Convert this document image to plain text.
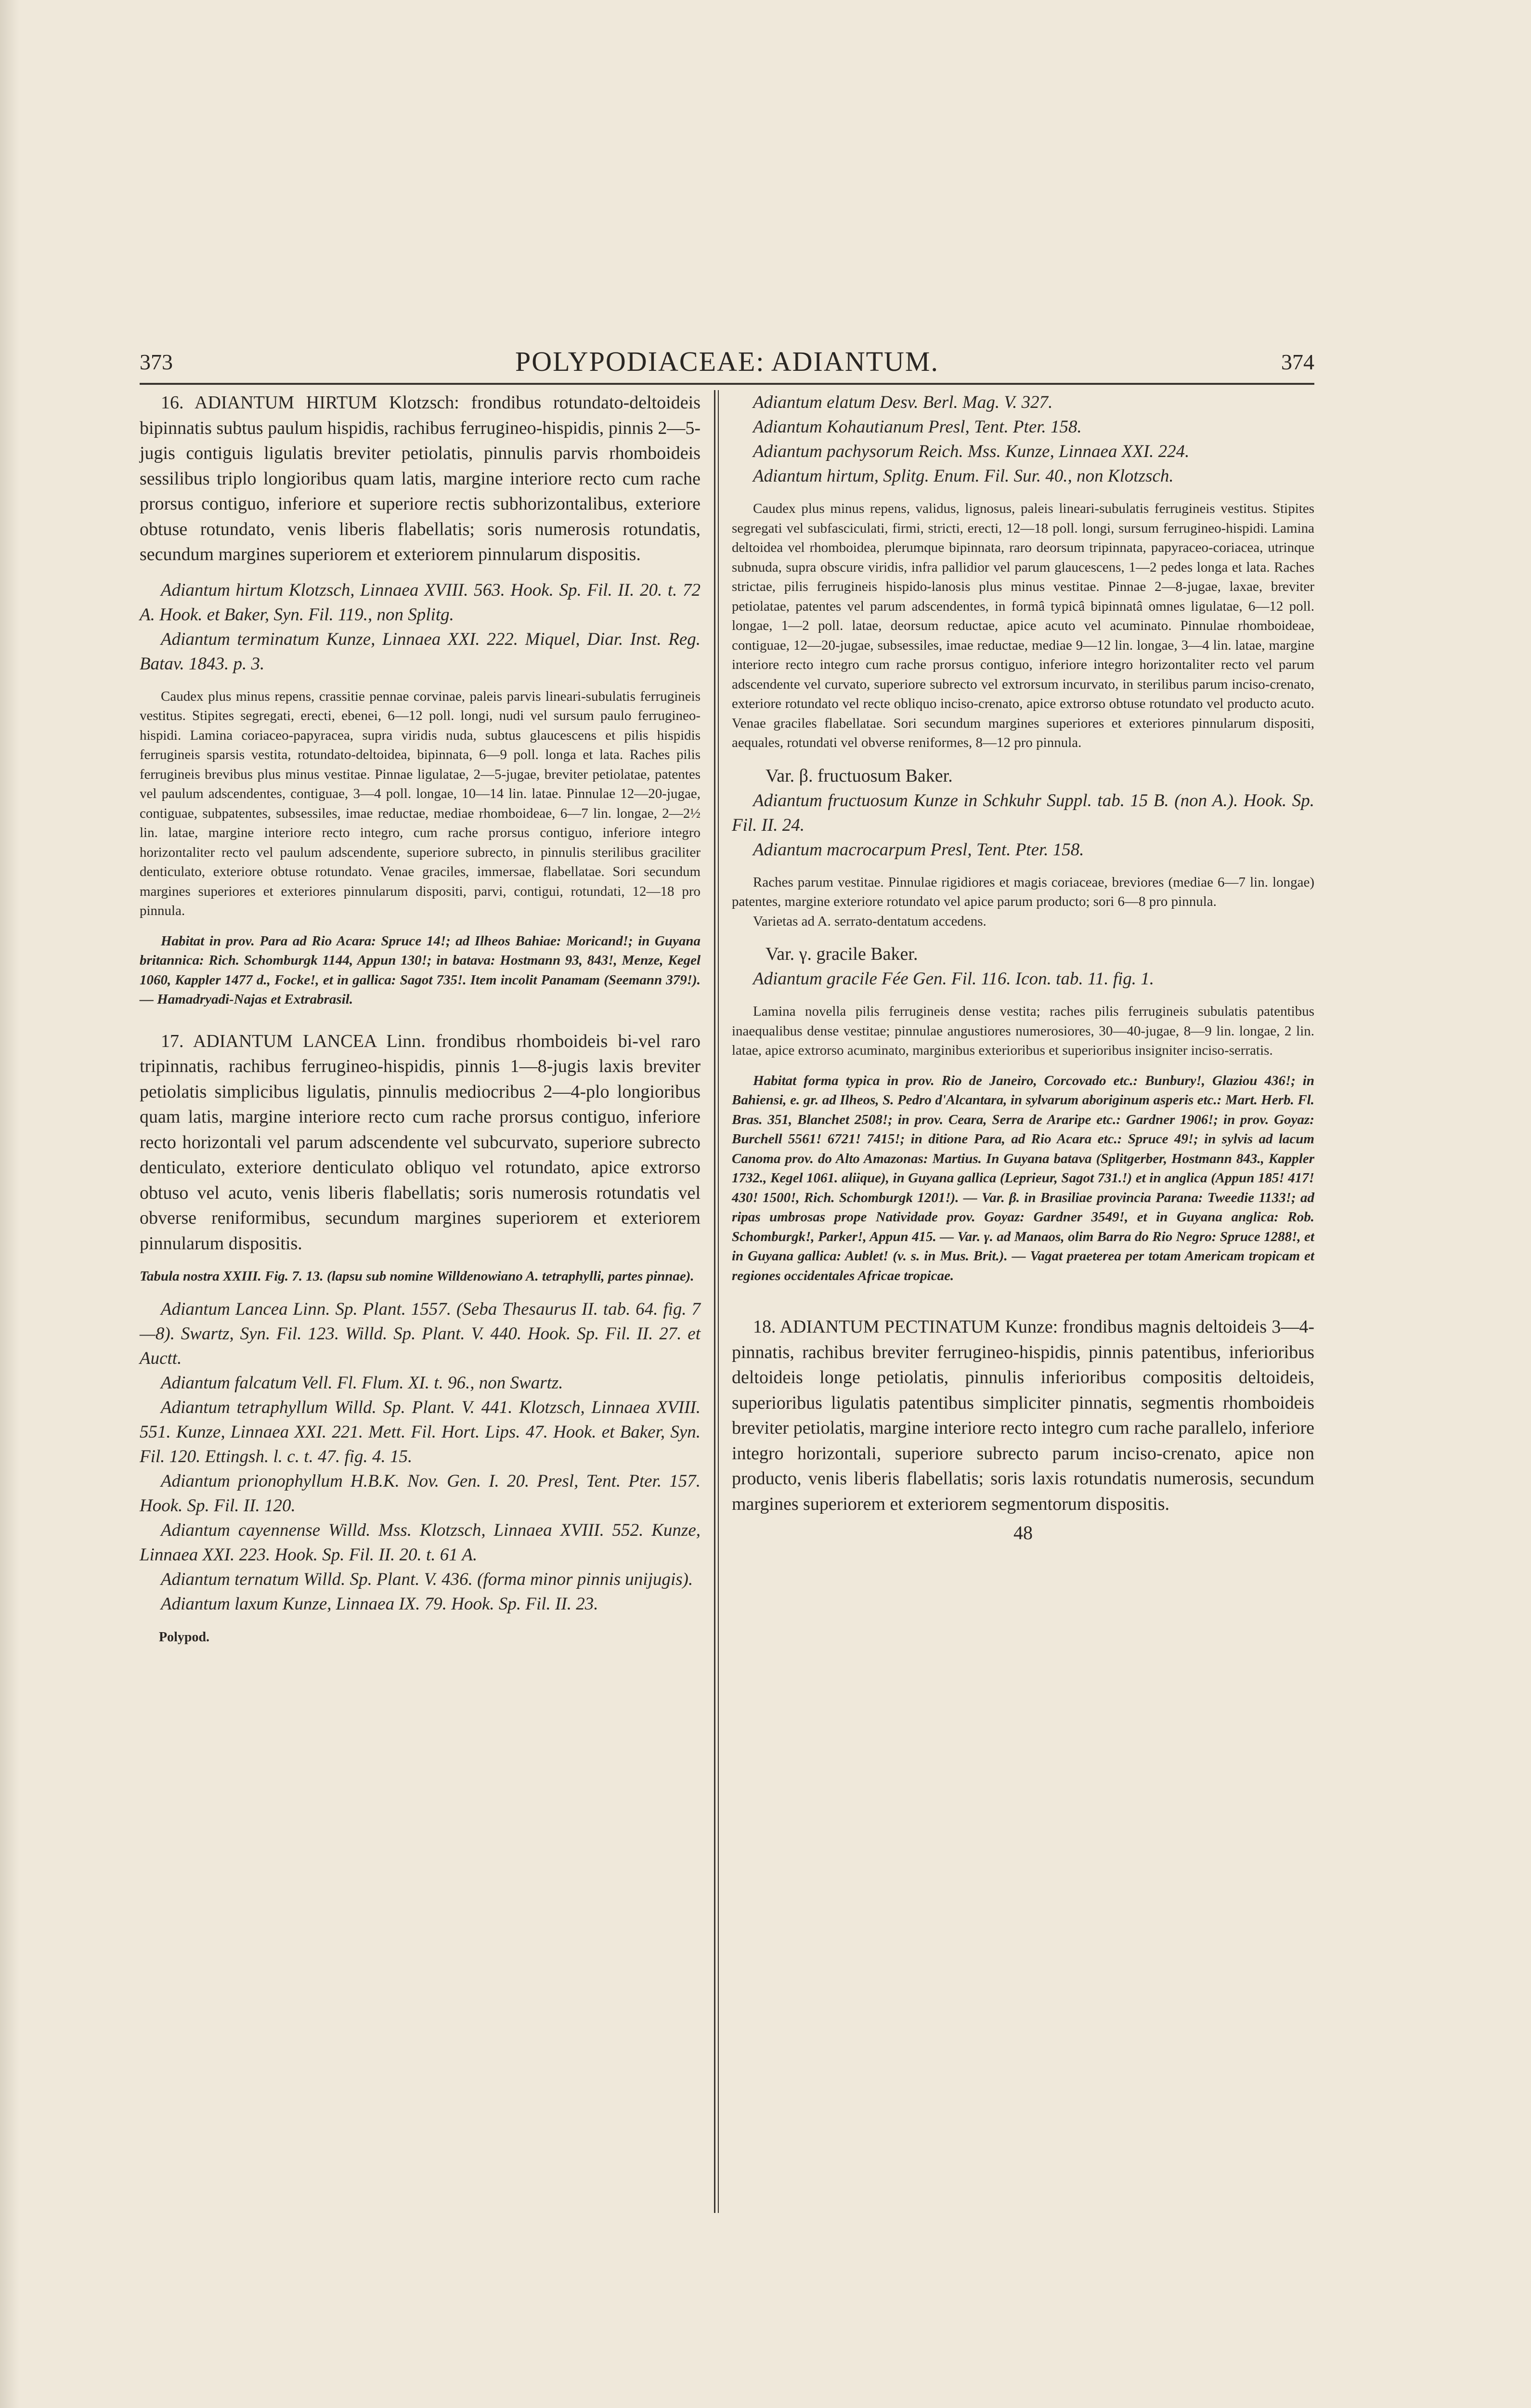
373	POLYPODIACEAE: ADIANTUM.	374

16. ADIANTUM HIRTUM Klotzsch: frondibus rotundato-deltoideis bipinnatis subtus paulum hispidis, rachibus ferrugineo-hispidis, pinnis 2—5-jugis contiguis ligulatis breviter petiolatis, pinnulis parvis rhomboideis sessilibus triplo longioribus quam latis, margine interiore recto cum rache prorsus contiguo, inferiore et superiore rectis subhorizontalibus, exteriore obtuse rotundato, venis liberis flabellatis; soris numerosis rotundatis, secundum margines superiorem et exteriorem pinnularum dispositis.

Adiantum hirtum Klotzsch, Linnaea XVIII. 563. Hook. Sp. Fil. II. 20. t. 72 A. Hook. et Baker, Syn. Fil. 119., non Splitg.

Adiantum terminatum Kunze, Linnaea XXI. 222. Miquel, Diar. Inst. Reg. Batav. 1843. p. 3.

Caudex plus minus repens, crassitie pennae corvinae, paleis parvis lineari-subulatis ferrugineis vestitus. Stipites segregati, erecti, ebenei, 6—12 poll. longi, nudi vel sursum paulo ferrugineo-hispidi. Lamina coriaceo-papyracea, supra viridis nuda, subtus glaucescens et pilis hispidis ferrugineis sparsis vestita, rotundato-deltoidea, bipinnata, 6—9 poll. longa et lata. Raches pilis ferrugineis brevibus plus minus vestitae. Pinnae ligulatae, 2—5-jugae, breviter petiolatae, patentes vel paulum adscendentes, contiguae, 3—4 poll. longae, 10—14 lin. latae. Pinnulae 12—20-jugae, contiguae, subpatentes, subsessiles, imae reductae, mediae rhomboideae, 6—7 lin. longae, 2—2½ lin. latae, margine interiore recto integro, cum rache prorsus contiguo, inferiore integro horizontaliter recto vel paulum adscendente, superiore subrecto, in pinnulis sterilibus graciliter denticulato, exteriore obtuse rotundato. Venae graciles, immersae, flabellatae. Sori secundum margines superiores et exteriores pinnularum dispositi, parvi, contigui, rotundati, 12—18 pro pinnula.

Habitat in prov. Para ad Rio Acara: Spruce 14!; ad Ilheos Bahiae: Moricand!; in Guyana britannica: Rich. Schomburgk 1144, Appun 130!; in batava: Hostmann 93, 843!, Menze, Kegel 1060, Kappler 1477 d., Focke!, et in gallica: Sagot 735!. Item incolit Panamam (Seemann 379!). — Hamadryadi-Najas et Extrabrasil.

17. ADIANTUM LANCEA Linn. frondibus rhomboideis bi-vel raro tripinnatis, rachibus ferrugineo-hispidis, pinnis 1—8-jugis laxis breviter petiolatis simplicibus ligulatis, pinnulis mediocribus 2—4-plo longioribus quam latis, margine interiore recto cum rache prorsus contiguo, inferiore recto horizontali vel parum adscendente vel subcurvato, superiore subrecto denticulato, exteriore denticulato obliquo vel rotundato, apice extrorso obtuso vel acuto, venis liberis flabellatis; soris numerosis rotundatis vel obverse reniformibus, secundum margines superiorem et exteriorem pinnularum dispositis.

Tabula nostra XXIII. Fig. 7. 13. (lapsu sub nomine Willdenowiano A. tetraphylli, partes pinnae).

Adiantum Lancea Linn. Sp. Plant. 1557. (Seba Thesaurus II. tab. 64. fig. 7—8). Swartz, Syn. Fil. 123. Willd. Sp. Plant. V. 440. Hook. Sp. Fil. II. 27. et Auctt.

Adiantum falcatum Vell. Fl. Flum. XI. t. 96., non Swartz.

Adiantum tetraphyllum Willd. Sp. Plant. V. 441. Klotzsch, Linnaea XVIII. 551. Kunze, Linnaea XXI. 221. Mett. Fil. Hort. Lips. 47. Hook. et Baker, Syn. Fil. 120. Ettingsh. l. c. t. 47. fig. 4. 15.

Adiantum prionophyllum H.B.K. Nov. Gen. I. 20. Presl, Tent. Pter. 157. Hook. Sp. Fil. II. 120.

Adiantum cayennense Willd. Mss. Klotzsch, Linnaea XVIII. 552. Kunze, Linnaea XXI. 223. Hook. Sp. Fil. II. 20. t. 61 A.

Adiantum ternatum Willd. Sp. Plant. V. 436. (forma minor pinnis unijugis).

Adiantum laxum Kunze, Linnaea IX. 79. Hook. Sp. Fil. II. 23.

Polypod.

Adiantum elatum Desv. Berl. Mag. V. 327.

Adiantum Kohautianum Presl, Tent. Pter. 158.

Adiantum pachysorum Reich. Mss. Kunze, Linnaea XXI. 224.

Adiantum hirtum, Splitg. Enum. Fil. Sur. 40., non Klotzsch.

Caudex plus minus repens, validus, lignosus, paleis lineari-subulatis ferrugineis vestitus. Stipites segregati vel subfasciculati, firmi, stricti, erecti, 12—18 poll. longi, sursum ferrugineo-hispidi. Lamina deltoidea vel rhomboidea, plerumque bipinnata, raro deorsum tripinnata, papyraceo-coriacea, utrinque subnuda, supra obscure viridis, infra pallidior vel parum glaucescens, 1—2 pedes longa et lata. Raches strictae, pilis ferrugineis hispido-lanosis plus minus vestitae. Pinnae 2—8-jugae, laxae, breviter petiolatae, patentes vel parum adscendentes, in formâ typicâ bipinnatâ omnes ligulatae, 6—12 poll. longae, 1—2 poll. latae, deorsum reductae, apice acuto vel acuminato. Pinnulae rhomboideae, contiguae, 12—20-jugae, subsessiles, imae reductae, mediae 9—12 lin. longae, 3—4 lin. latae, margine interiore recto integro cum rache prorsus contiguo, inferiore integro horizontaliter recto vel parum adscendente vel curvato, superiore subrecto vel extrorsum incurvato, in sterilibus parum inciso-crenato, exteriore rotundato vel recte obliquo inciso-crenato, apice extrorso obtuse rotundato vel producto acuto. Venae graciles flabellatae. Sori secundum margines superiores et exteriores pinnularum dispositi, aequales, rotundati vel obverse reniformes, 8—12 pro pinnula.

Var. β. fructuosum Baker.

Adiantum fructuosum Kunze in Schkuhr Suppl. tab. 15 B. (non A.). Hook. Sp. Fil. II. 24.

Adiantum macrocarpum Presl, Tent. Pter. 158.

Raches parum vestitae. Pinnulae rigidiores et magis coriaceae, breviores (mediae 6—7 lin. longae) patentes, margine exteriore rotundato vel apice parum producto; sori 6—8 pro pinnula.

Varietas ad A. serrato-dentatum accedens.

Var. γ. gracile Baker.

Adiantum gracile Fée Gen. Fil. 116. Icon. tab. 11. fig. 1.

Lamina novella pilis ferrugineis dense vestita; raches pilis ferrugineis subulatis patentibus inaequalibus dense vestitae; pinnulae angustiores numerosiores, 30—40-jugae, 8—9 lin. longae, 2 lin. latae, apice extrorso acuminato, marginibus exterioribus et superioribus insigniter inciso-serratis.

Habitat forma typica in prov. Rio de Janeiro, Corcovado etc.: Bunbury!, Glaziou 436!; in Bahiensi, e. gr. ad Ilheos, S. Pedro d'Alcantara, in sylvarum aboriginum asperis etc.: Mart. Herb. Fl. Bras. 351, Blanchet 2508!; in prov. Ceara, Serra de Araripe etc.: Gardner 1906!; in prov. Goyaz: Burchell 5561! 6721! 7415!; in ditione Para, ad Rio Acara etc.: Spruce 49!; in sylvis ad lacum Canoma prov. do Alto Amazonas: Martius. In Guyana batava (Splitgerber, Hostmann 843., Kappler 1732., Kegel 1061. aliique), in Guyana gallica (Leprieur, Sagot 731.!) et in anglica (Appun 185! 417! 430! 1500!, Rich. Schomburgk 1201!). — Var. β. in Brasiliae provincia Parana: Tweedie 1133!; ad ripas umbrosas prope Natividade prov. Goyaz: Gardner 3549!, et in Guyana anglica: Rob. Schomburgk!, Parker!, Appun 415. — Var. γ. ad Manaos, olim Barra do Rio Negro: Spruce 1288!, et in Guyana gallica: Aublet! (v. s. in Mus. Brit.). — Vagat praeterea per totam Americam tropicam et regiones occidentales Africae tropicae.

18. ADIANTUM PECTINATUM Kunze: frondibus magnis deltoideis 3—4-pinnatis, rachibus breviter ferrugineo-hispidis, pinnis patentibus, inferioribus deltoideis longe petiolatis, pinnulis inferioribus compositis deltoideis, superioribus ligulatis patentibus simpliciter pinnatis, segmentis rhomboideis breviter petiolatis, margine interiore recto integro cum rache parallelo, inferiore integro horizontali, superiore subrecto parum inciso-crenato, apice non producto, venis liberis flabellatis; soris laxis rotundatis numerosis, secundum margines superiorem et exteriorem segmentorum dispositis.

48
